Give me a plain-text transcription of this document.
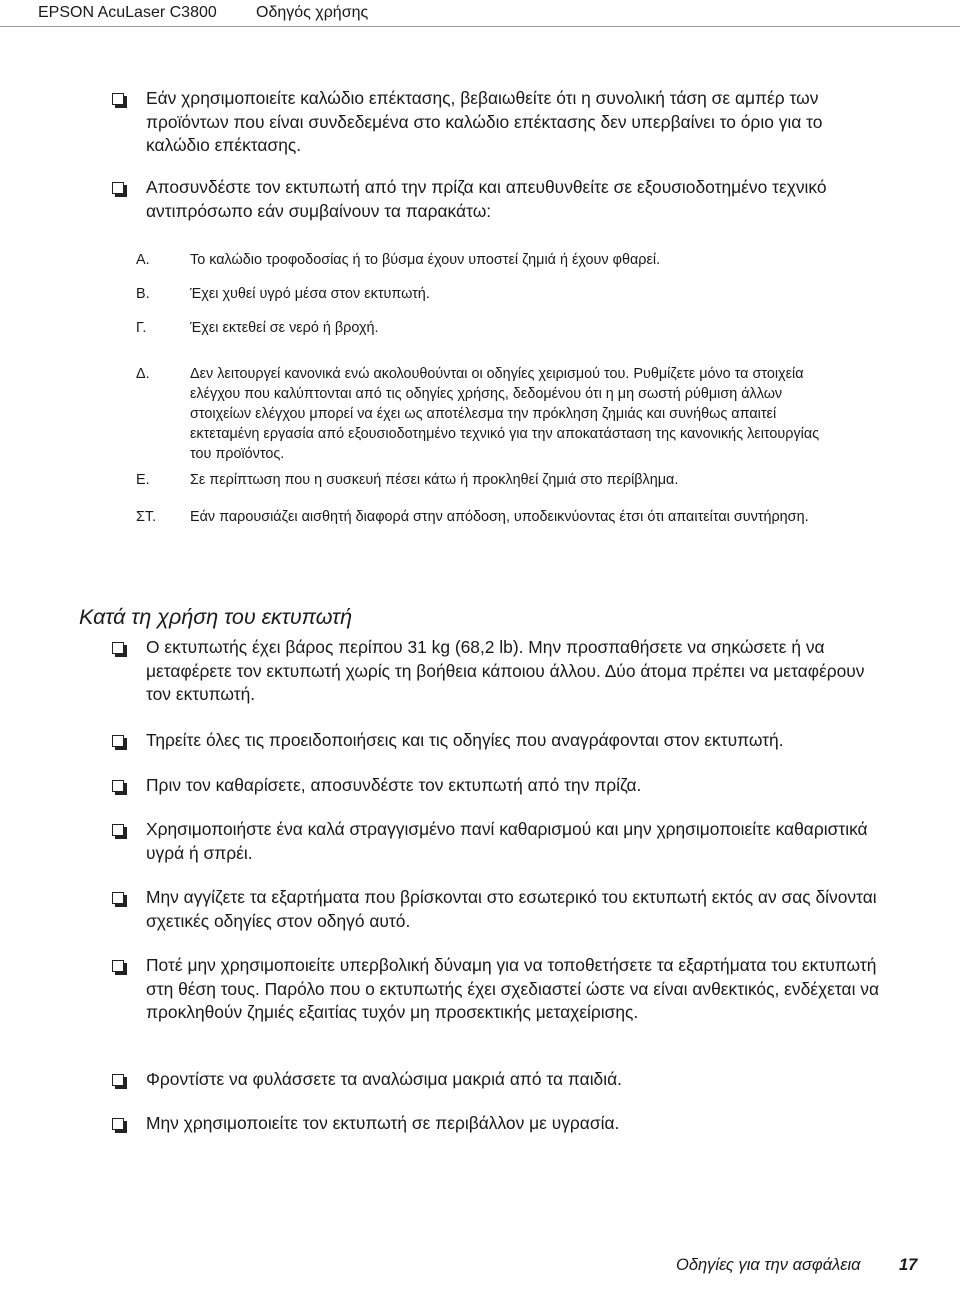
EPSON AcuLaser C3800 Οδηγός χρήσης
Εάν χρησιμοποιείτε καλώδιο επέκτασης, βεβαιωθείτε ότι η συνολική τάση σε αμπέρ των προϊόντων που είναι συνδεδεμένα στο καλώδιο επέκτασης δεν υπερβαίνει το όριο για το καλώδιο επέκτασης.
Αποσυνδέστε τον εκτυπωτή από την πρίζα και απευθυνθείτε σε εξουσιοδοτημένο τεχνικό αντιπρόσωπο εάν συμβαίνουν τα παρακάτω:
Α.	Το καλώδιο τροφοδοσίας ή το βύσμα έχουν υποστεί ζημιά ή έχουν φθαρεί.
Β.	Έχει χυθεί υγρό μέσα στον εκτυπωτή.
Γ.	Έχει εκτεθεί σε νερό ή βροχή.
Δ.	Δεν λειτουργεί κανονικά ενώ ακολουθούνται οι οδηγίες χειρισμού του. Ρυθμίζετε μόνο τα στοιχεία ελέγχου που καλύπτονται από τις οδηγίες χρήσης, δεδομένου ότι η μη σωστή ρύθμιση άλλων στοιχείων ελέγχου μπορεί να έχει ως αποτέλεσμα την πρόκληση ζημιάς και συνήθως απαιτεί εκτεταμένη εργασία από εξουσιοδοτημένο τεχνικό για την αποκατάσταση της κανονικής λειτουργίας του προϊόντος.
Ε.	Σε περίπτωση που η συσκευή πέσει κάτω ή προκληθεί ζημιά στο περίβλημα.
ΣΤ. Εάν παρουσιάζει αισθητή διαφορά στην απόδοση, υποδεικνύοντας έτσι ότι απαιτείται συντήρηση.
Κατά τη χρήση του εκτυπωτή
Ο εκτυπωτής έχει βάρος περίπου 31 kg (68,2 lb). Μην προσπαθήσετε να σηκώσετε ή να μεταφέρετε τον εκτυπωτή χωρίς τη βοήθεια κάποιου άλλου. Δύο άτομα πρέπει να μεταφέρουν τον εκτυπωτή.
Τηρείτε όλες τις προειδοποιήσεις και τις οδηγίες που αναγράφονται στον εκτυπωτή.
Πριν τον καθαρίσετε, αποσυνδέστε τον εκτυπωτή από την πρίζα.
Χρησιμοποιήστε ένα καλά στραγγισμένο πανί καθαρισμού και μην χρησιμοποιείτε καθαριστικά υγρά ή σπρέι.
Μην αγγίζετε τα εξαρτήματα που βρίσκονται στο εσωτερικό του εκτυπωτή εκτός αν σας δίνονται σχετικές οδηγίες στον οδηγό αυτό.
Ποτέ μην χρησιμοποιείτε υπερβολική δύναμη για να τοποθετήσετε τα εξαρτήματα του εκτυπωτή στη θέση τους. Παρόλο που ο εκτυπωτής έχει σχεδιαστεί ώστε να είναι ανθεκτικός, ενδέχεται να προκληθούν ζημιές εξαιτίας τυχόν μη προσεκτικής μεταχείρισης.
Φροντίστε να φυλάσσετε τα αναλώσιμα μακριά από τα παιδιά.
Μην χρησιμοποιείτε τον εκτυπωτή σε περιβάλλον με υγρασία.
Οδηγίες για την ασφάλεια 17
